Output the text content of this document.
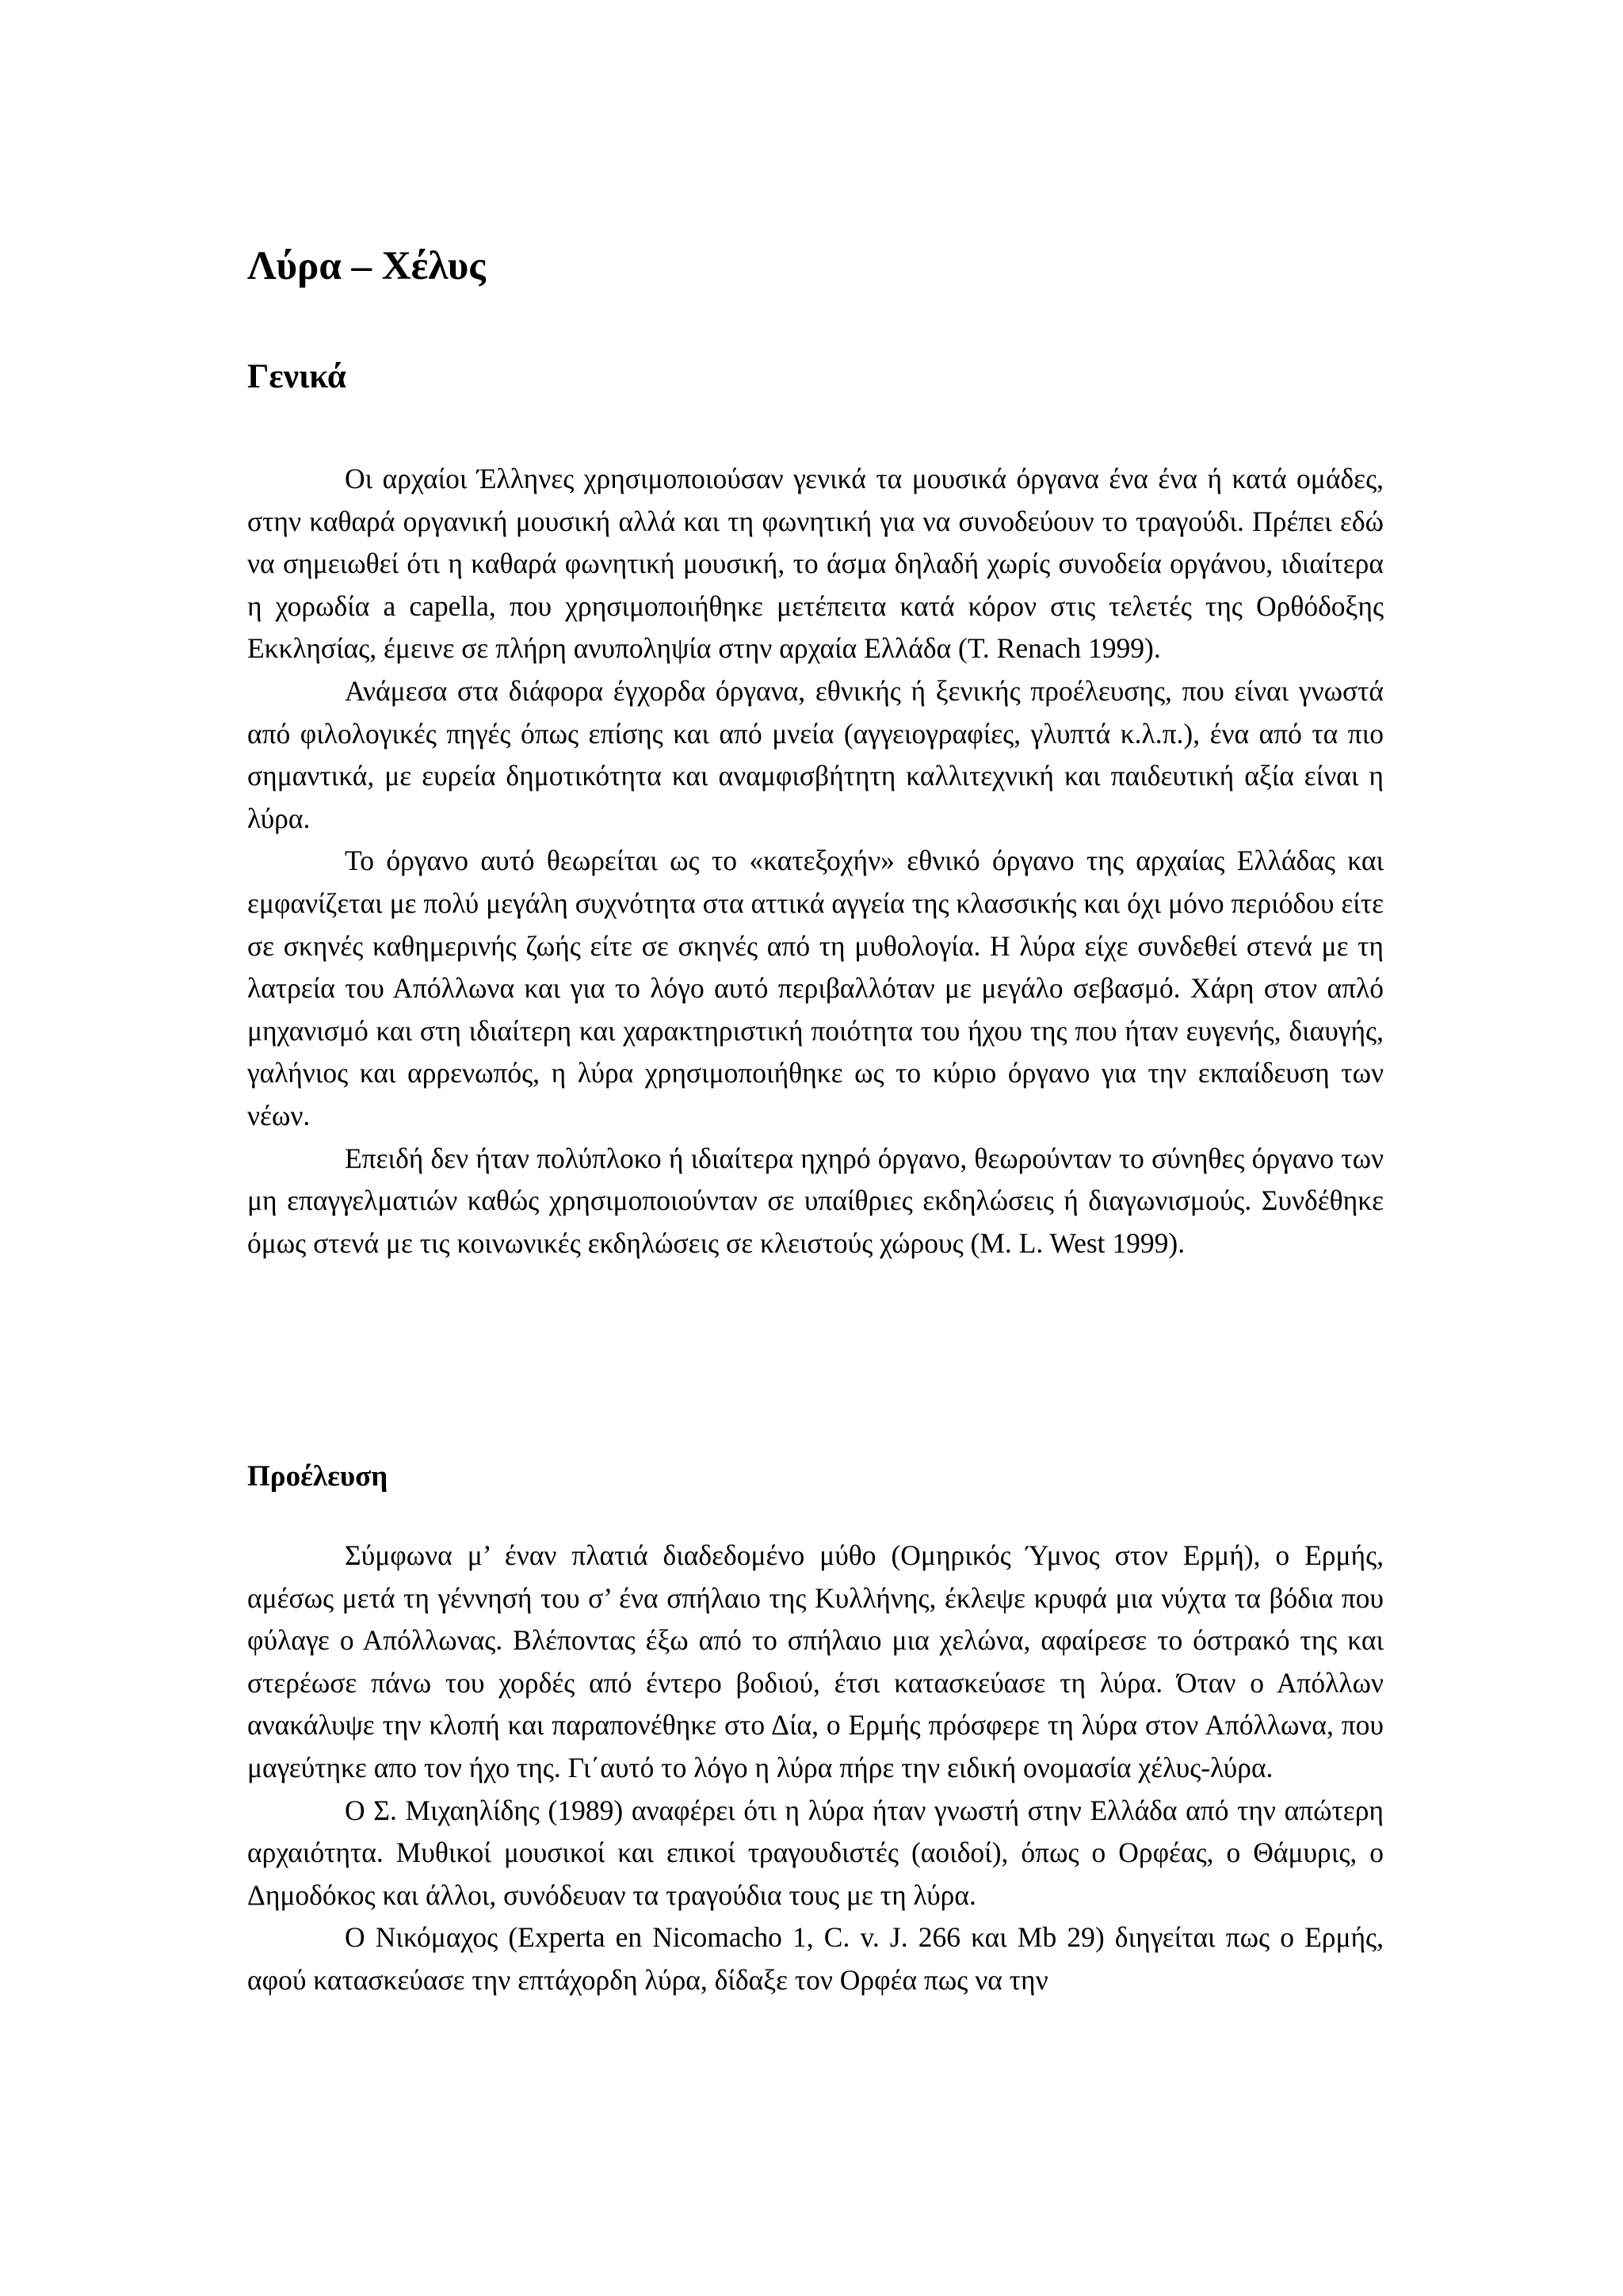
Λύρα – Χέλυς
Γενικά

Οι αρχαίοι Έλληνες χρησιμοποιούσαν γενικά τα μουσικά όργανα ένα ένα ή κατά ομάδες, στην καθαρά οργανική μουσική αλλά και τη φωνητική για να συνοδεύουν το τραγούδι. Πρέπει εδώ να σημειωθεί ότι η καθαρά φωνητική μουσική, το άσμα δηλαδή χωρίς συνοδεία οργάνου, ιδιαίτερα η χορωδία a capella, που χρησιμοποιήθηκε μετέπειτα κατά κόρον στις τελετές της Ορθόδοξης Εκκλησίας, έμεινε σε πλήρη ανυποληψία στην αρχαία Ελλάδα (T. Renach 1999).

Ανάμεσα στα διάφορα έγχορδα όργανα, εθνικής ή ξενικής προέλευσης, που είναι γνωστά από φιλολογικές πηγές όπως επίσης και από μνεία (αγγειογραφίες, γλυπτά κ.λ.π.), ένα από τα πιο σημαντικά, με ευρεία δημοτικότητα και αναμφισβήτητη καλλιτεχνική και παιδευτική αξία είναι η λύρα.

Το όργανο αυτό θεωρείται ως το «κατεξοχήν» εθνικό όργανο της αρχαίας Ελλάδας και εμφανίζεται με πολύ μεγάλη συχνότητα στα αττικά αγγεία της κλασσικής και όχι μόνο περιόδου είτε σε σκηνές καθημερινής ζωής είτε σε σκηνές από τη μυθολογία. Η λύρα είχε συνδεθεί στενά με τη λατρεία του Απόλλωνα και για το λόγο αυτό περιβαλλόταν με μεγάλο σεβασμό. Χάρη στον απλό μηχανισμό και στη ιδιαίτερη και χαρακτηριστική ποιότητα του ήχου της που ήταν ευγενής, διαυγής, γαλήνιος και αρρενωπός, η λύρα χρησιμοποιήθηκε ως το κύριο όργανο για την εκπαίδευση των νέων.

Επειδή δεν ήταν πολύπλοκο ή ιδιαίτερα ηχηρό όργανο, θεωρούνταν το σύνηθες όργανο των μη επαγγελματιών καθώς χρησιμοποιούνταν σε υπαίθριες εκδηλώσεις ή διαγωνισμούς. Συνδέθηκε όμως στενά με τις κοινωνικές εκδηλώσεις σε κλειστούς χώρους (M. L. West 1999).

Προέλευση

Σύμφωνα μ’ έναν πλατιά διαδεδομένο μύθο (Ομηρικός Ύμνος στον Ερμή), ο Ερμής, αμέσως μετά τη γέννησή του σ’ ένα σπήλαιο της Κυλλήνης, έκλεψε κρυφά μια νύχτα τα βόδια που φύλαγε ο Απόλλωνας. Βλέποντας έξω από το σπήλαιο μια χελώνα, αφαίρεσε το όστρακό της και στερέωσε πάνω του χορδές από έντερο βοδιού, έτσι κατασκεύασε τη λύρα. Όταν ο Απόλλων ανακάλυψε την κλοπή και παραπονέθηκε στο Δία, ο Ερμής πρόσφερε τη λύρα στον Απόλλωνα, που μαγεύτηκε απο τον ήχο της. Γι΄αυτό το λόγο η λύρα πήρε την ειδική ονομασία χέλυς-λύρα.

Ο Σ. Μιχαηλίδης (1989) αναφέρει ότι η λύρα ήταν γνωστή στην Ελλάδα από την απώτερη αρχαιότητα. Μυθικοί μουσικοί και επικοί τραγουδιστές (αοιδοί), όπως ο Ορφέας, ο Θάμυρις, ο Δημοδόκος και άλλοι, συνόδευαν τα τραγούδια τους με τη λύρα.

Ο Νικόμαχος (Experta en Nicomacho 1, C. v. J. 266 και Mb 29) διηγείται πως ο Ερμής, αφού κατασκεύασε την επτάχορδη λύρα, δίδαξε τον Ορφέα πως να την
